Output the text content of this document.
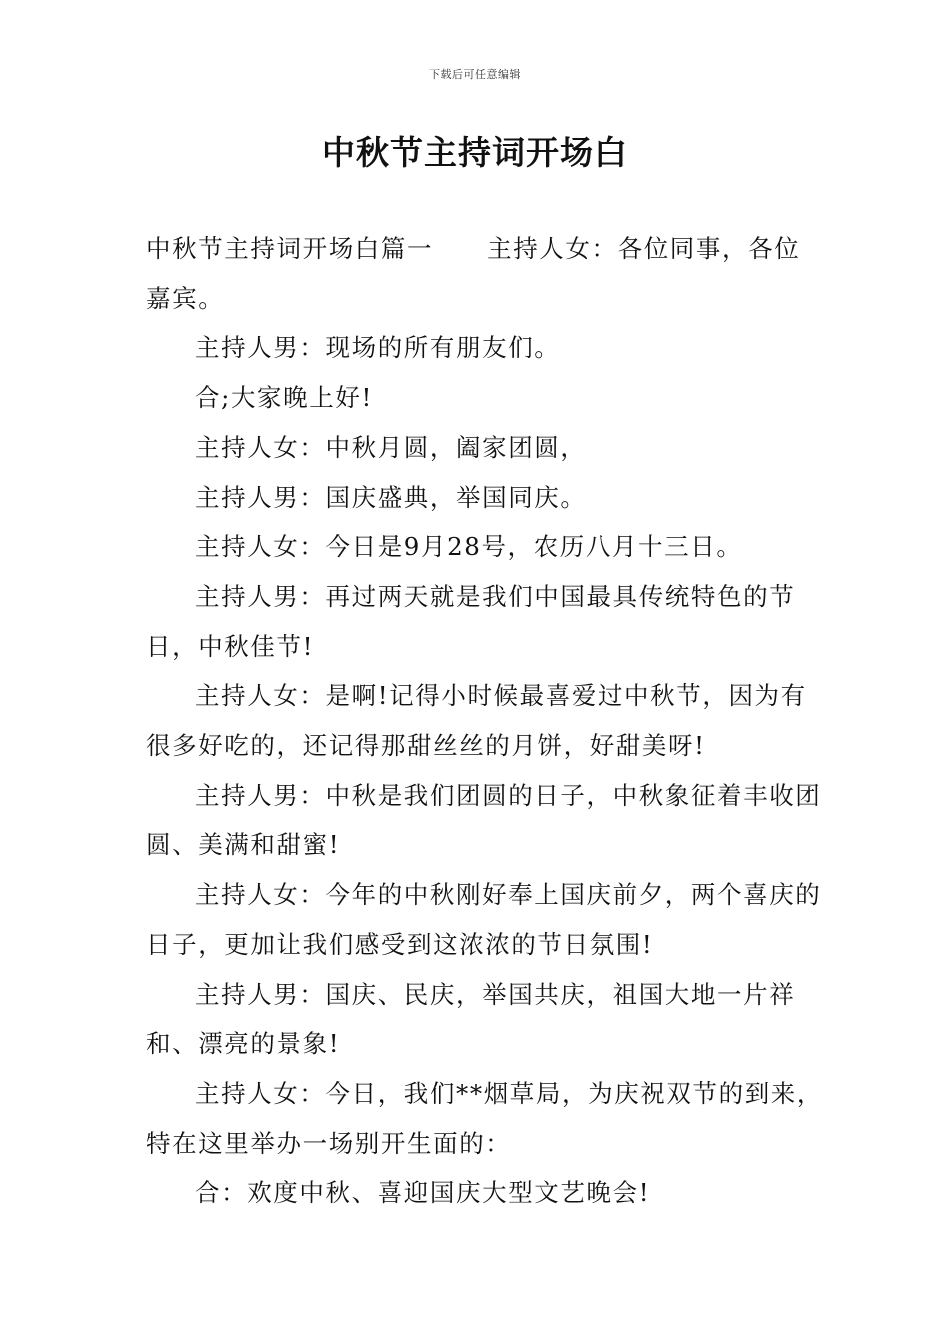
下载后可任意编辑
中秋节主持词开场白

中秋节主持词开场白篇一 主持人女：各位同事，各位嘉宾。

主持人男：现场的所有朋友们。

合;大家晚上好!

主持人女：中秋月圆，阖家团圆，

主持人男：国庆盛典，举国同庆。

主持人女：今日是9月28号，农历八月十三日。

主持人男：再过两天就是我们中国最具传统特色的节日，中秋佳节!

主持人女：是啊!记得小时候最喜爱过中秋节，因为有很多好吃的，还记得那甜丝丝的月饼，好甜美呀!

主持人男：中秋是我们团圆的日子，中秋象征着丰收团圆、美满和甜蜜!

主持人女：今年的中秋刚好奉上国庆前夕，两个喜庆的日子，更加让我们感受到这浓浓的节日氛围!

主持人男：国庆、民庆，举国共庆，祖国大地一片祥和、漂亮的景象!

主持人女：今日，我们**烟草局，为庆祝双节的到来，特在这里举办一场别开生面的：

合：欢度中秋、喜迎国庆大型文艺晚会!
